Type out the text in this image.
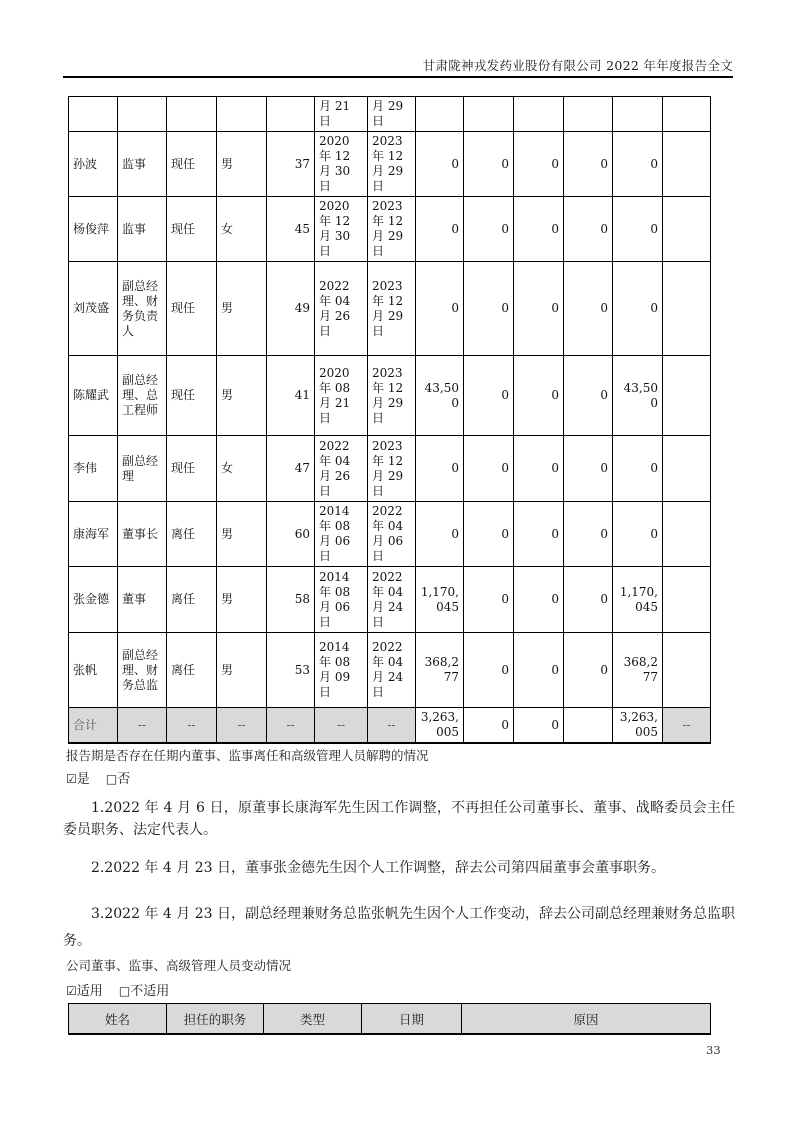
甘肃陇神戎发药业股份有限公司 2022 年年度报告全文
					月 21 日	月 29 日						
孙波	监事	现任	男	37	2020 年 12 月 30 日	2023 年 12 月 29 日	0	0	0	0	0	
杨俊萍	监事	现任	女	45	2020 年 12 月 30 日	2023 年 12 月 29 日	0	0	0	0	0	
刘茂盛	副总经理、财务负责人	现任	男	49	2022 年 04 月 26 日	2023 年 12 月 29 日	0	0	0	0	0	
陈耀武	副总经理、总工程师	现任	男	41	2020 年 08 月 21 日	2023 年 12 月 29 日	43,500	0	0	0	43,500	
李伟	副总经理	现任	女	47	2022 年 04 月 26 日	2023 年 12 月 29 日	0	0	0	0	0	
康海军	董事长	离任	男	60	2014 年 08 月 06 日	2022 年 04 月 06 日	0	0	0	0	0	
张金德	董事	离任	男	58	2014 年 08 月 06 日	2022 年 04 月 24 日	1,170,045	0	0	0	1,170,045	
张帆	副总经理、财务总监	离任	男	53	2014 年 08 月 09 日	2022 年 04 月 24 日	368,277	0	0	0	368,277	
合计	--	--	--	--	--	--	3,263,005	0	0		3,263,005	--
报告期是否存在任期内董事、监事离任和高级管理人员解聘的情况
☑是 □否

1.2022 年 4 月 6 日，原董事长康海军先生因工作调整，不再担任公司董事长、董事、战略委员会主任委员职务、法定代表人。

2.2022 年 4 月 23 日，董事张金德先生因个人工作调整，辞去公司第四届董事会董事职务。

3.2022 年 4 月 23 日，副总经理兼财务总监张帆先生因个人工作变动，辞去公司副总经理兼财务总监职务。

公司董事、监事、高级管理人员变动情况
☑适用 □不适用
姓名	担任的职务	类型	日期	原因
33
